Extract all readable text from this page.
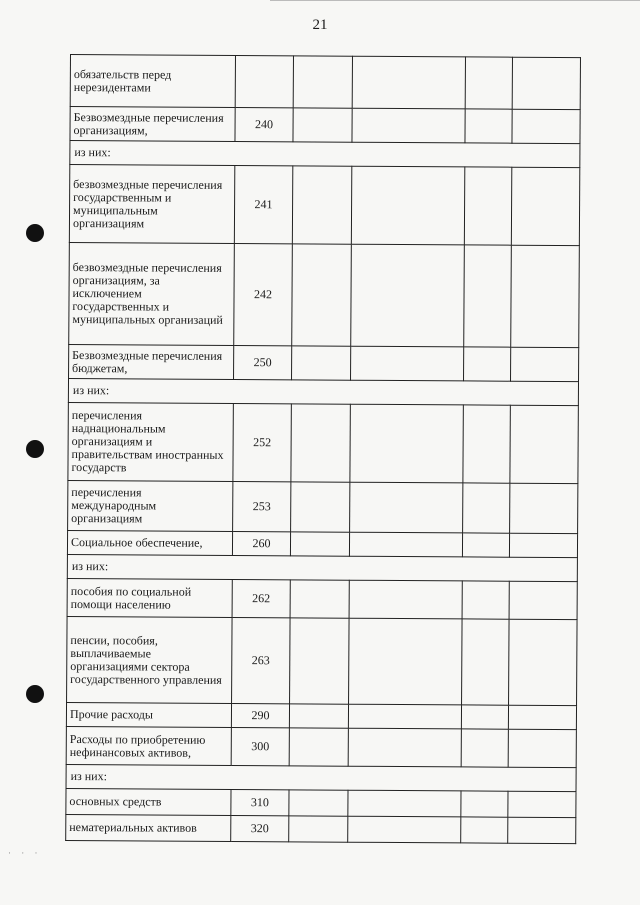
21
обязательств перед нерезидентами					
Безвозмездные перечисления организациям,	240				
из них:					
безвозмездные перечисления государственным и муниципальным организациям	241				
безвозмездные перечисления организациям, за исключением государственных и муниципальных организаций	242				
Безвозмездные перечисления бюджетам,	250				
из них:					
перечисления наднациональным организациям и правительствам иностранных государств	252				
перечисления международным организациям	253				
Социальное обеспечение,	260				
из них:					
пособия по социальной помощи населению	262				
пенсии, пособия, выплачиваемые организациями сектора государственного управления	263				
Прочие расходы	290				
Расходы по приобретению нефинансовых активов,	300				
из них:					
основных средств	310				
нематериальных активов	320				
· · ·
